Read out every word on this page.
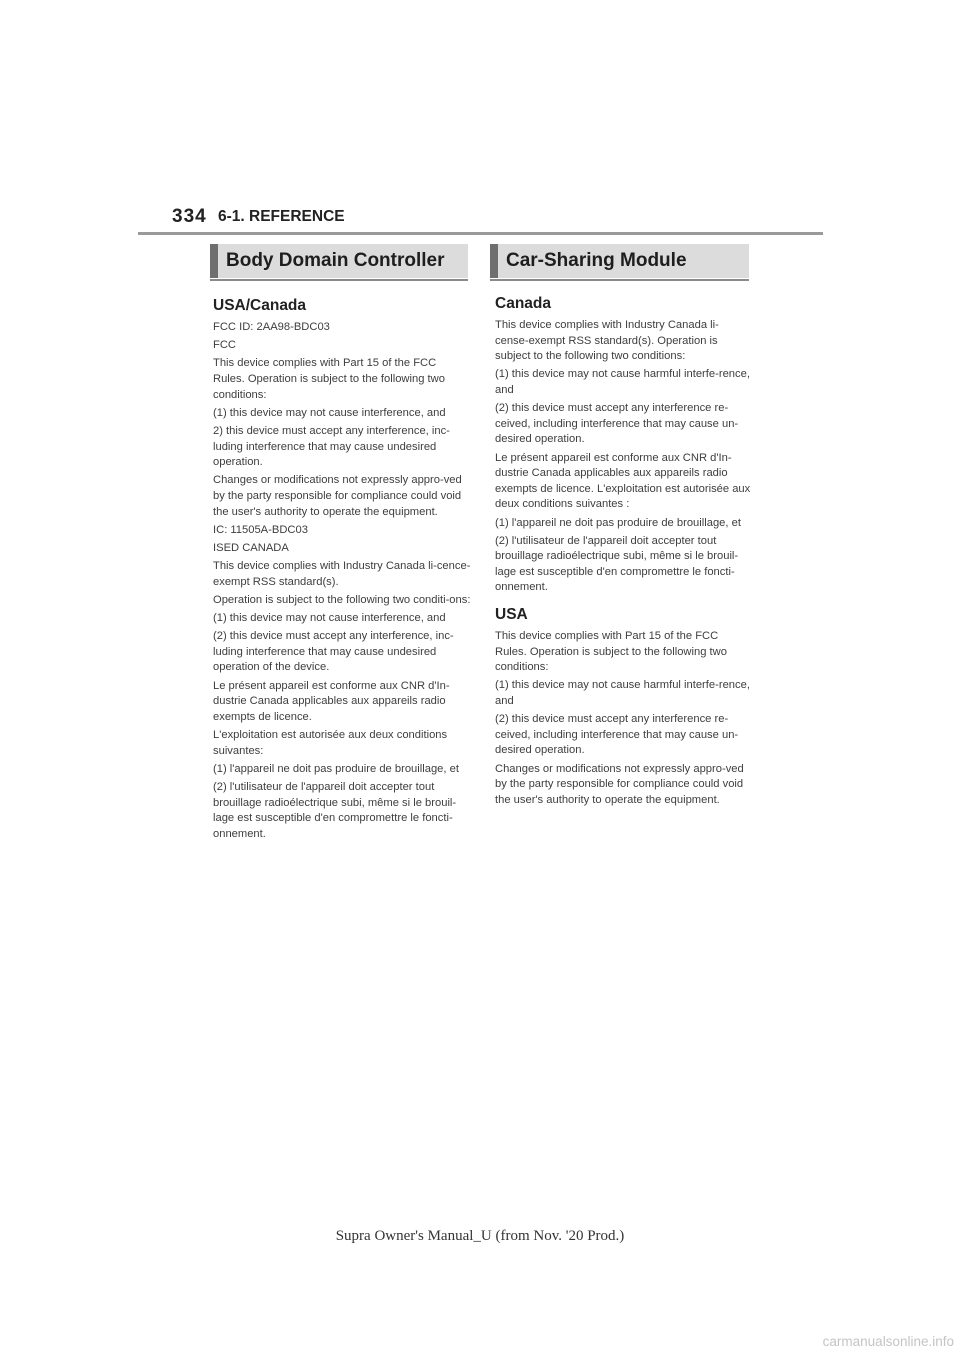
334 6-1. REFERENCE
Body Domain Controller	Car-Sharing Module
USA/Canada

FCC ID: 2AA98-BDC03

FCC

This device complies with Part 15 of the FCC Rules. Operation is subject to the following two conditions:

(1) this device may not cause interference, and

2) this device must accept any interference, inc-luding interference that may cause undesired operation.

Changes or modifications not expressly appro-ved by the party responsible for compliance could void the user's authority to operate the equipment.

IC: 11505A-BDC03

ISED CANADA

This device complies with Industry Canada li-cence- exempt RSS standard(s).

Operation is subject to the following two conditi-ons:

(1) this device may not cause interference, and

(2) this device must accept any interference, inc-luding interference that may cause undesired operation of the device.

Le présent appareil est conforme aux CNR d'In-dustrie Canada applicables aux appareils radio exempts de licence.

L'exploitation est autorisée aux deux conditions suivantes:

(1) l'appareil ne doit pas produire de brouillage, et

(2) l'utilisateur de l'appareil doit accepter tout brouillage radioélectrique subi, même si le brouil-lage est susceptible d'en compromettre le foncti-onnement.

Canada

This device complies with Industry Canada li-cense-exempt RSS standard(s). Operation is subject to the following two conditions:

(1) this device may not cause harmful interfe-rence, and

(2) this device must accept any interference re-ceived, including interference that may cause un-desired operation.

Le présent appareil est conforme aux CNR d'In-dustrie Canada applicables aux appareils radio exempts de licence. L'exploitation est autorisée aux deux conditions suivantes :

(1) l'appareil ne doit pas produire de brouillage, et

(2) l'utilisateur de l'appareil doit accepter tout brouillage radioélectrique subi, même si le brouil-lage est susceptible d'en compromettre le foncti-onnement.

USA

This device complies with Part 15 of the FCC Rules. Operation is subject to the following two conditions:

(1) this device may not cause harmful interfe-rence, and

(2) this device must accept any interference re-ceived, including interference that may cause un-desired operation.

Changes or modifications not expressly appro-ved by the party responsible for compliance could void the user's authority to operate the equipment.

Supra Owner's Manual_U (from Nov. '20 Prod.)
carmanualsonline.info
